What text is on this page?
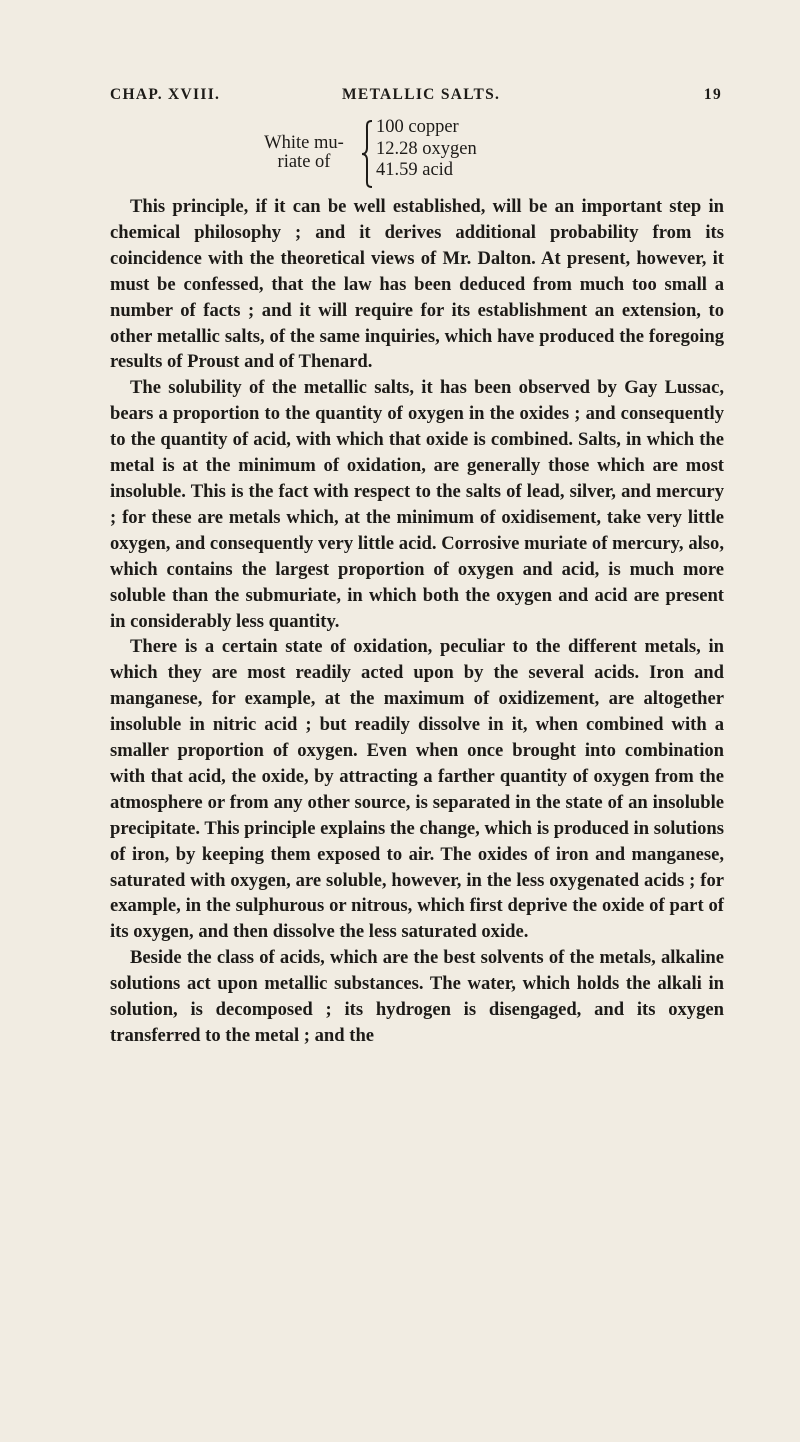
CHAP. XVIII.	METALLIC SALTS.	19
White mu-
riate of
100 copper
12.28 oxygen
41.59 acid

This principle, if it can be well established, will be an important step in chemical philosophy ; and it derives additional probability from its coincidence with the theoretical views of Mr. Dalton. At present, however, it must be confessed, that the law has been deduced from much too small a number of facts ; and it will require for its establishment an extension, to other metallic salts, of the same inquiries, which have produced the foregoing results of Proust and of Thenard.

The solubility of the metallic salts, it has been observed by Gay Lussac, bears a proportion to the quantity of oxygen in the oxides ; and consequently to the quantity of acid, with which that oxide is combined. Salts, in which the metal is at the minimum of oxidation, are generally those which are most insoluble. This is the fact with respect to the salts of lead, silver, and mercury ; for these are metals which, at the minimum of oxidisement, take very little oxygen, and consequently very little acid. Corrosive muriate of mercury, also, which contains the largest proportion of oxygen and acid, is much more soluble than the submuriate, in which both the oxygen and acid are present in considerably less quantity.

There is a certain state of oxidation, peculiar to the different metals, in which they are most readily acted upon by the several acids. Iron and manganese, for example, at the maximum of oxidizement, are altogether insoluble in nitric acid ; but readily dissolve in it, when combined with a smaller proportion of oxygen. Even when once brought into combination with that acid, the oxide, by attracting a farther quantity of oxygen from the atmosphere or from any other source, is separated in the state of an insoluble precipitate. This principle explains the change, which is produced in solutions of iron, by keeping them exposed to air. The oxides of iron and manganese, saturated with oxygen, are soluble, however, in the less oxygenated acids ; for example, in the sulphurous or nitrous, which first deprive the oxide of part of its oxygen, and then dissolve the less saturated oxide.

Beside the class of acids, which are the best solvents of the metals, alkaline solutions act upon metallic substances. The water, which holds the alkali in solution, is decomposed ; its hydrogen is disengaged, and its oxygen transferred to the metal ; and the
